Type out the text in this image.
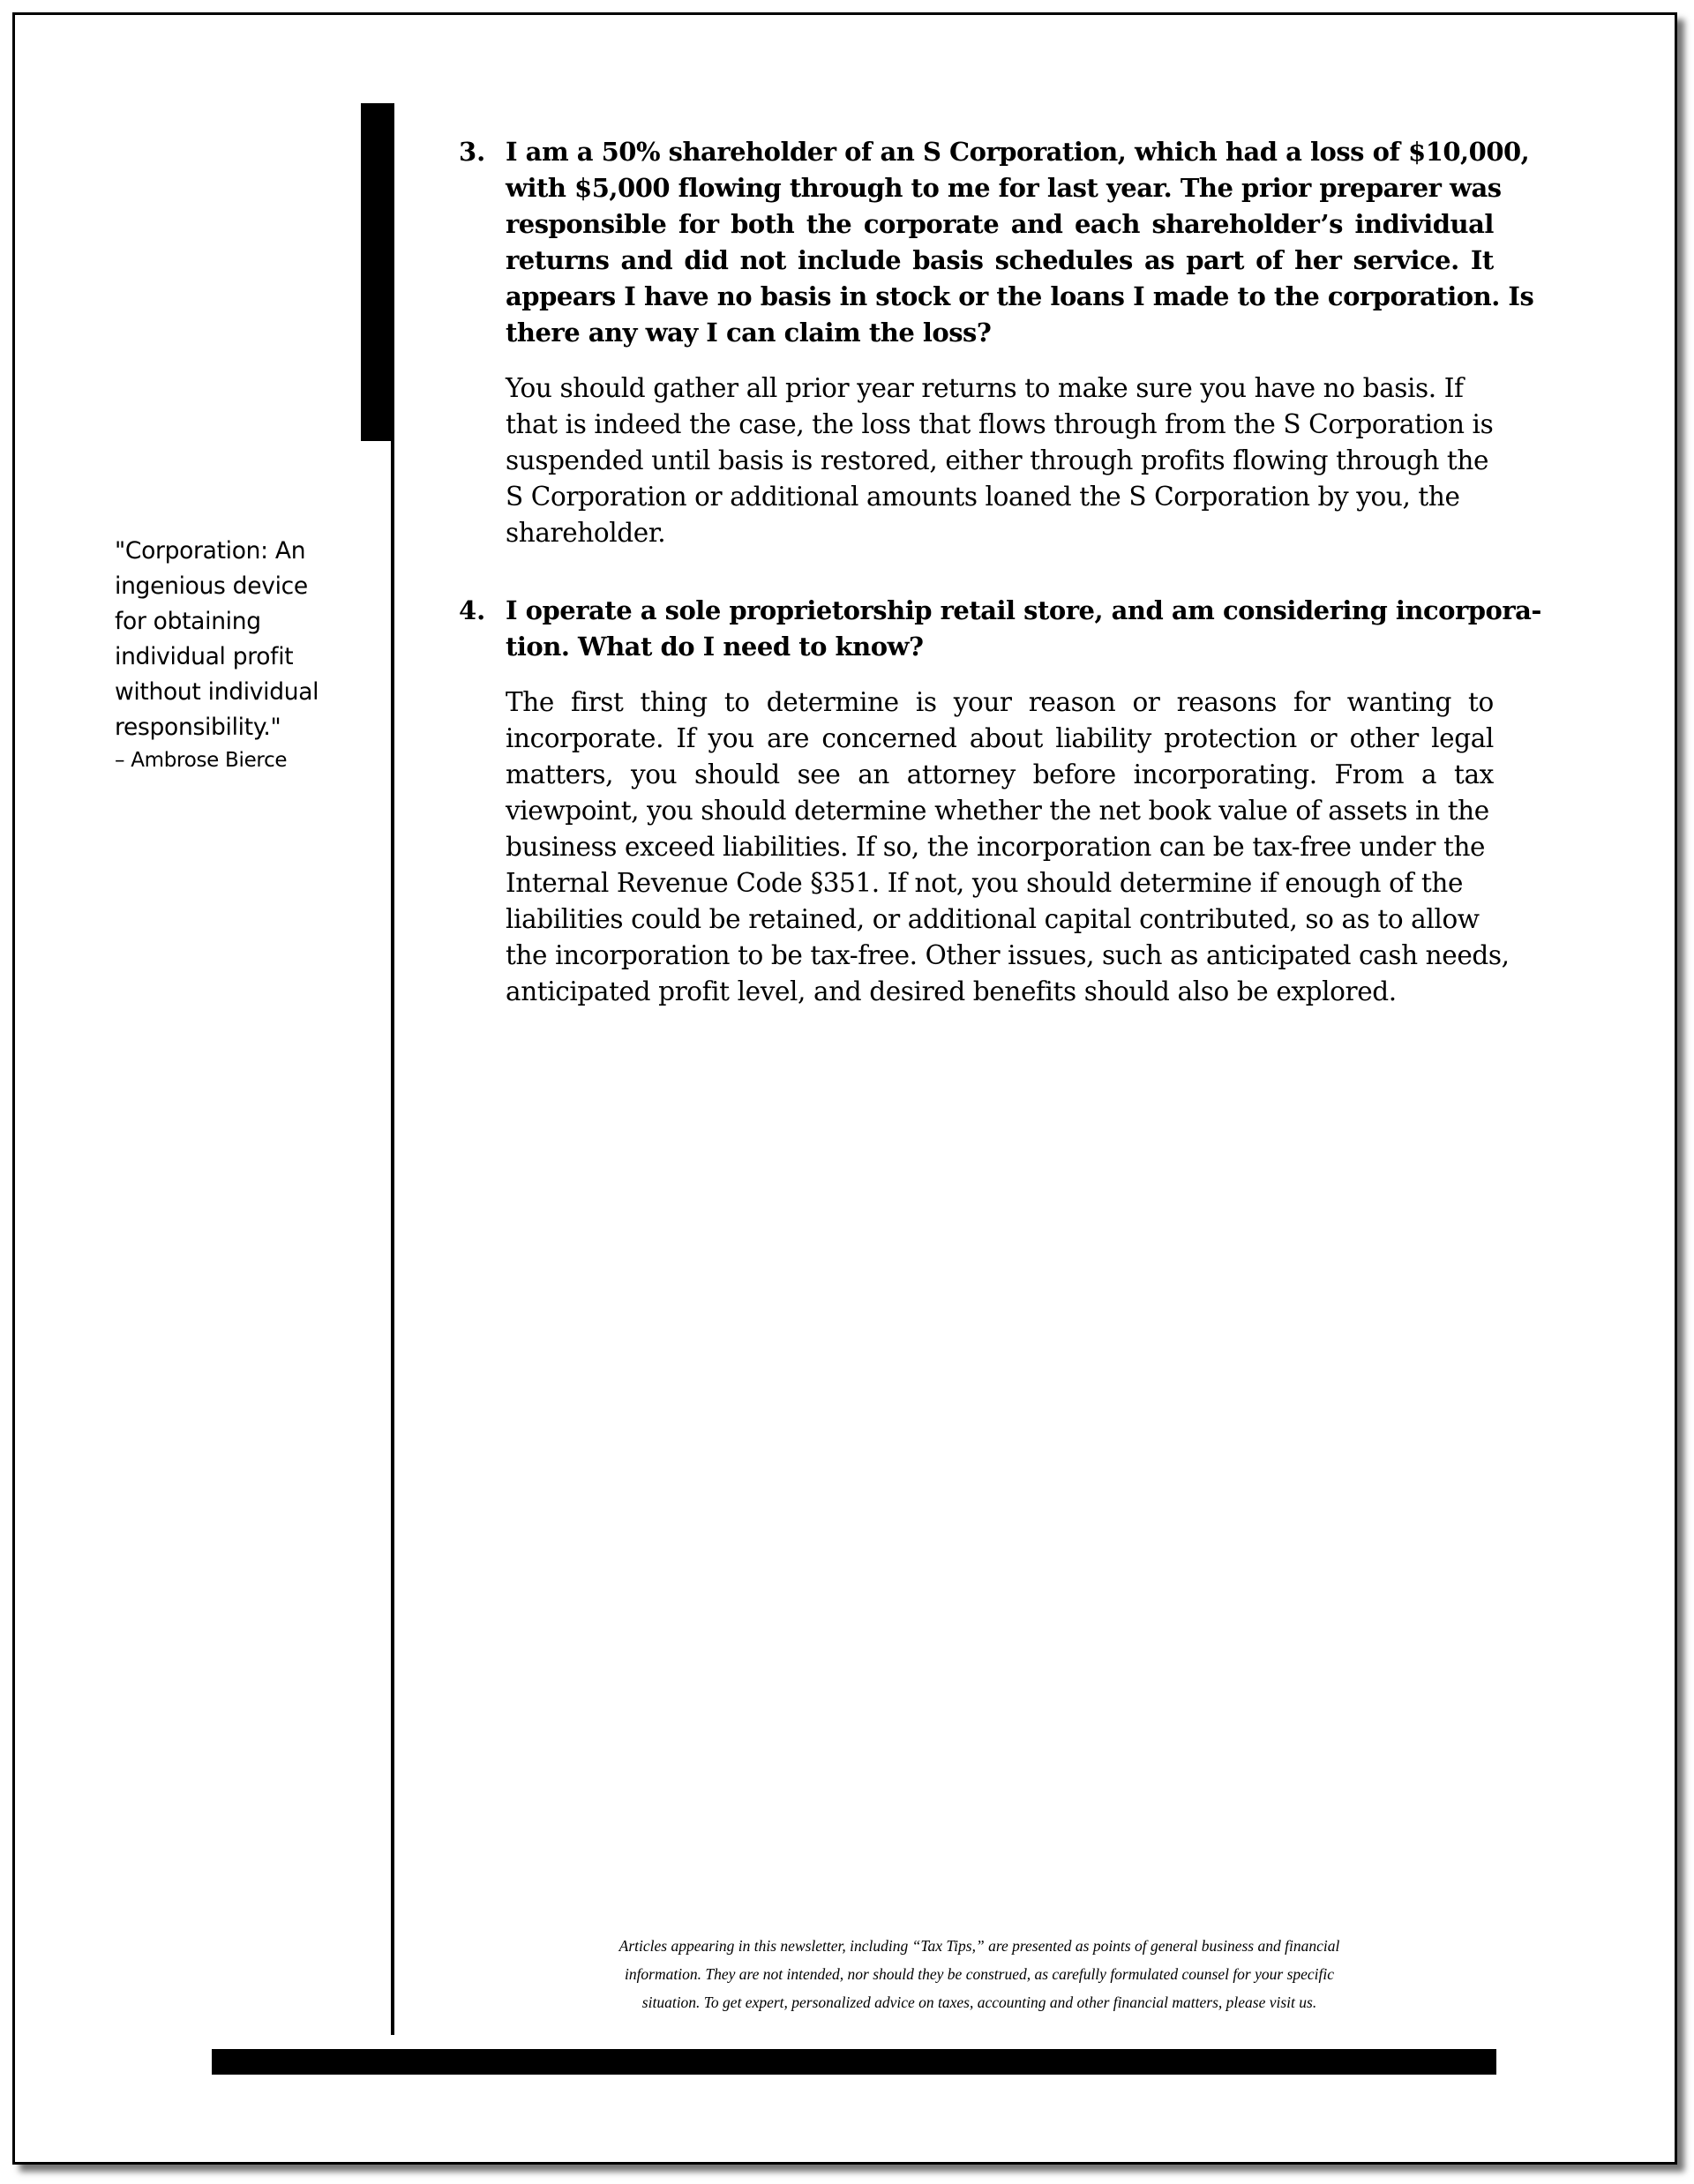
"Corporation: An
ingenious device
for obtaining
individual profit
without individual
responsibility."
– Ambrose Bierce
3. I am a 50% shareholder of an S Corporation, which had a loss of $10,000,
with $5,000 flowing through to me for last year. The prior preparer was
responsible for both the corporate and each shareholder’s individual
returns and did not include basis schedules as part of her service. It
appears I have no basis in stock or the loans I made to the corporation. Is
there any way I can claim the loss?
You should gather all prior year returns to make sure you have no basis. If
that is indeed the case, the loss that flows through from the S Corporation is
suspended until basis is restored, either through profits flowing through the
S Corporation or additional amounts loaned the S Corporation by you, the
shareholder.
4. I operate a sole proprietorship retail store, and am considering incorpora-
tion. What do I need to know?
The first thing to determine is your reason or reasons for wanting to
incorporate. If you are concerned about liability protection or other legal
matters, you should see an attorney before incorporating. From a tax
viewpoint, you should determine whether the net book value of assets in the
business exceed liabilities. If so, the incorporation can be tax-free under the
Internal Revenue Code §351. If not, you should determine if enough of the
liabilities could be retained, or additional capital contributed, so as to allow
the incorporation to be tax-free. Other issues, such as anticipated cash needs,
anticipated profit level, and desired benefits should also be explored.
Articles appearing in this newsletter, including “Tax Tips,” are presented as points of general business and financial
information. They are not intended, nor should they be construed, as carefully formulated counsel for your specific
situation. To get expert, personalized advice on taxes, accounting and other financial matters, please visit us.
